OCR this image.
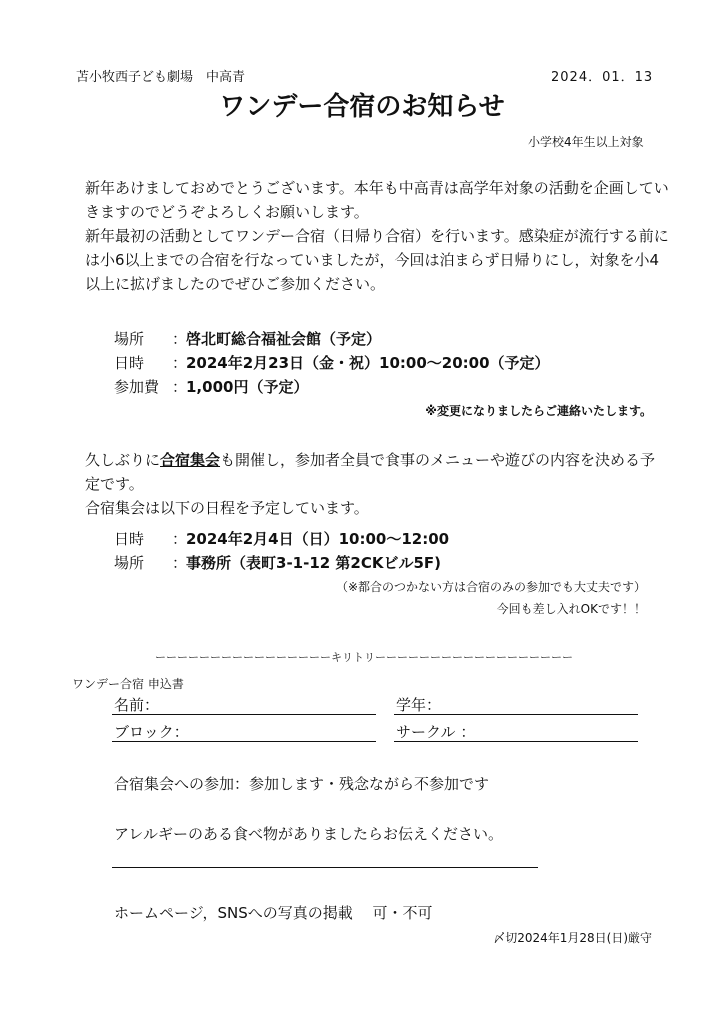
苫小牧西子ども劇場　中高青	2024．01．13
ワンデー合宿のお知らせ
小学校4年生以上対象
新年あけましておめでとうございます。本年も中高青は高学年対象の活動を企画していきますのでどうぞよろしくお願いします。
新年最初の活動としてワンデー合宿（日帰り合宿）を行います。感染症が流行する前には小6以上までの合宿を行なっていましたが，今回は泊まらず日帰りにし，対象を小4以上に拡げましたのでぜひご参加ください。
場所 ：啓北町総合福祉会館（予定）
日時 ：2024年2月23日（金・祝）10:00～20:00（予定）
参加費 ：1,000円（予定）
※変更になりましたらご連絡いたします。
久しぶりに合宿集会も開催し，参加者全員で食事のメニューや遊びの内容を決める予定です。
合宿集会は以下の日程を予定しています。
日時 ：2024年2月4日（日）10:00～12:00
場所 ：事務所（表町3-1-12 第2CKビル5F)
（※都合のつかない方は合宿のみの参加でも大丈夫です）
今回も差し入れOKです！！
ーーーーーーーーーーーーーーーーキリトリーーーーーーーーーーーーーーーーーー
ワンデー合宿 申込書
名前：	学年：
ブロック：	サークル ：
合宿集会への参加：参加します・残念ながら不参加です
アレルギーのある食べ物がありましたらお伝えください。
ホームページ，SNSへの写真の掲載　 可・不可
〆切2024年1月28日(日)厳守
